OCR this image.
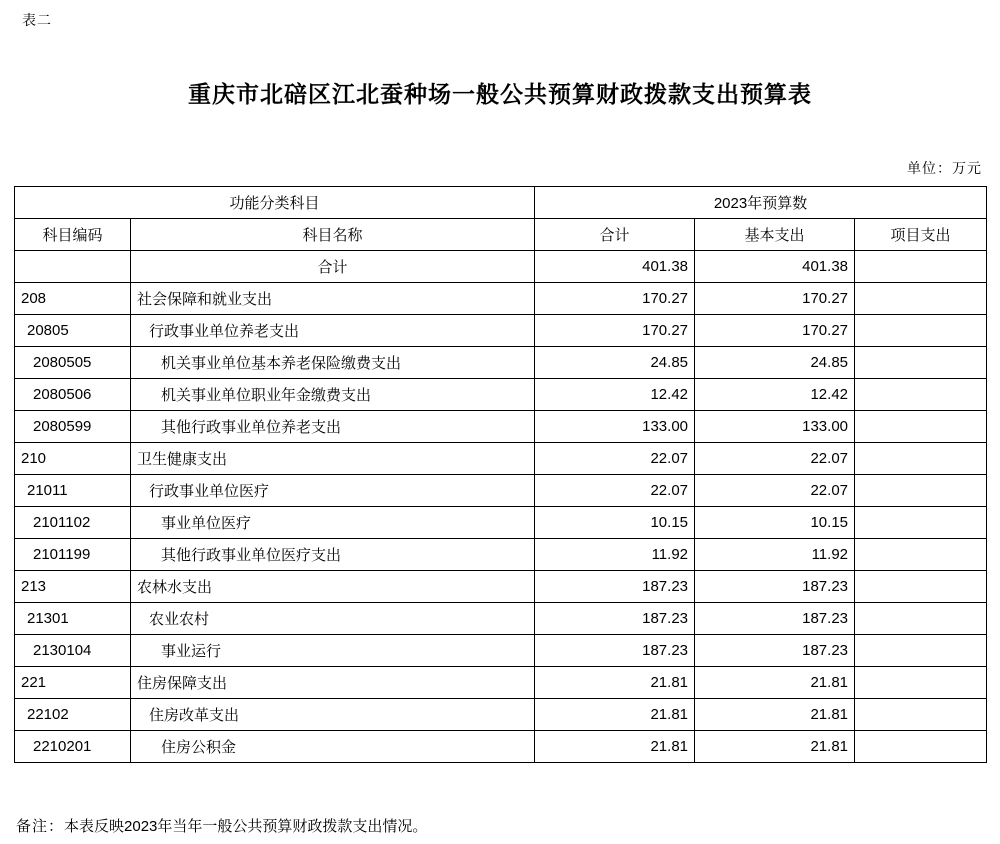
表二
重庆市北碚区江北蚕种场一般公共预算财政拨款支出预算表
单位：万元
功能分类科目		2023年预算数		
科目编码	科目名称	合计	基本支出	项目支出
	合计	401.38	401.38	
208	社会保障和就业支出	170.27	170.27	
20805	行政事业单位养老支出	170.27	170.27	
2080505	机关事业单位基本养老保险缴费支出	24.85	24.85	
2080506	机关事业单位职业年金缴费支出	12.42	12.42	
2080599	其他行政事业单位养老支出	133.00	133.00	
210	卫生健康支出	22.07	22.07	
21011	行政事业单位医疗	22.07	22.07	
2101102	事业单位医疗	10.15	10.15	
2101199	其他行政事业单位医疗支出	11.92	11.92	
213	农林水支出	187.23	187.23	
21301	农业农村	187.23	187.23	
2130104	事业运行	187.23	187.23	
221	住房保障支出	21.81	21.81	
22102	住房改革支出	21.81	21.81	
2210201	住房公积金	21.81	21.81	
备注：本表反映2023年当年一般公共预算财政拨款支出情况。
